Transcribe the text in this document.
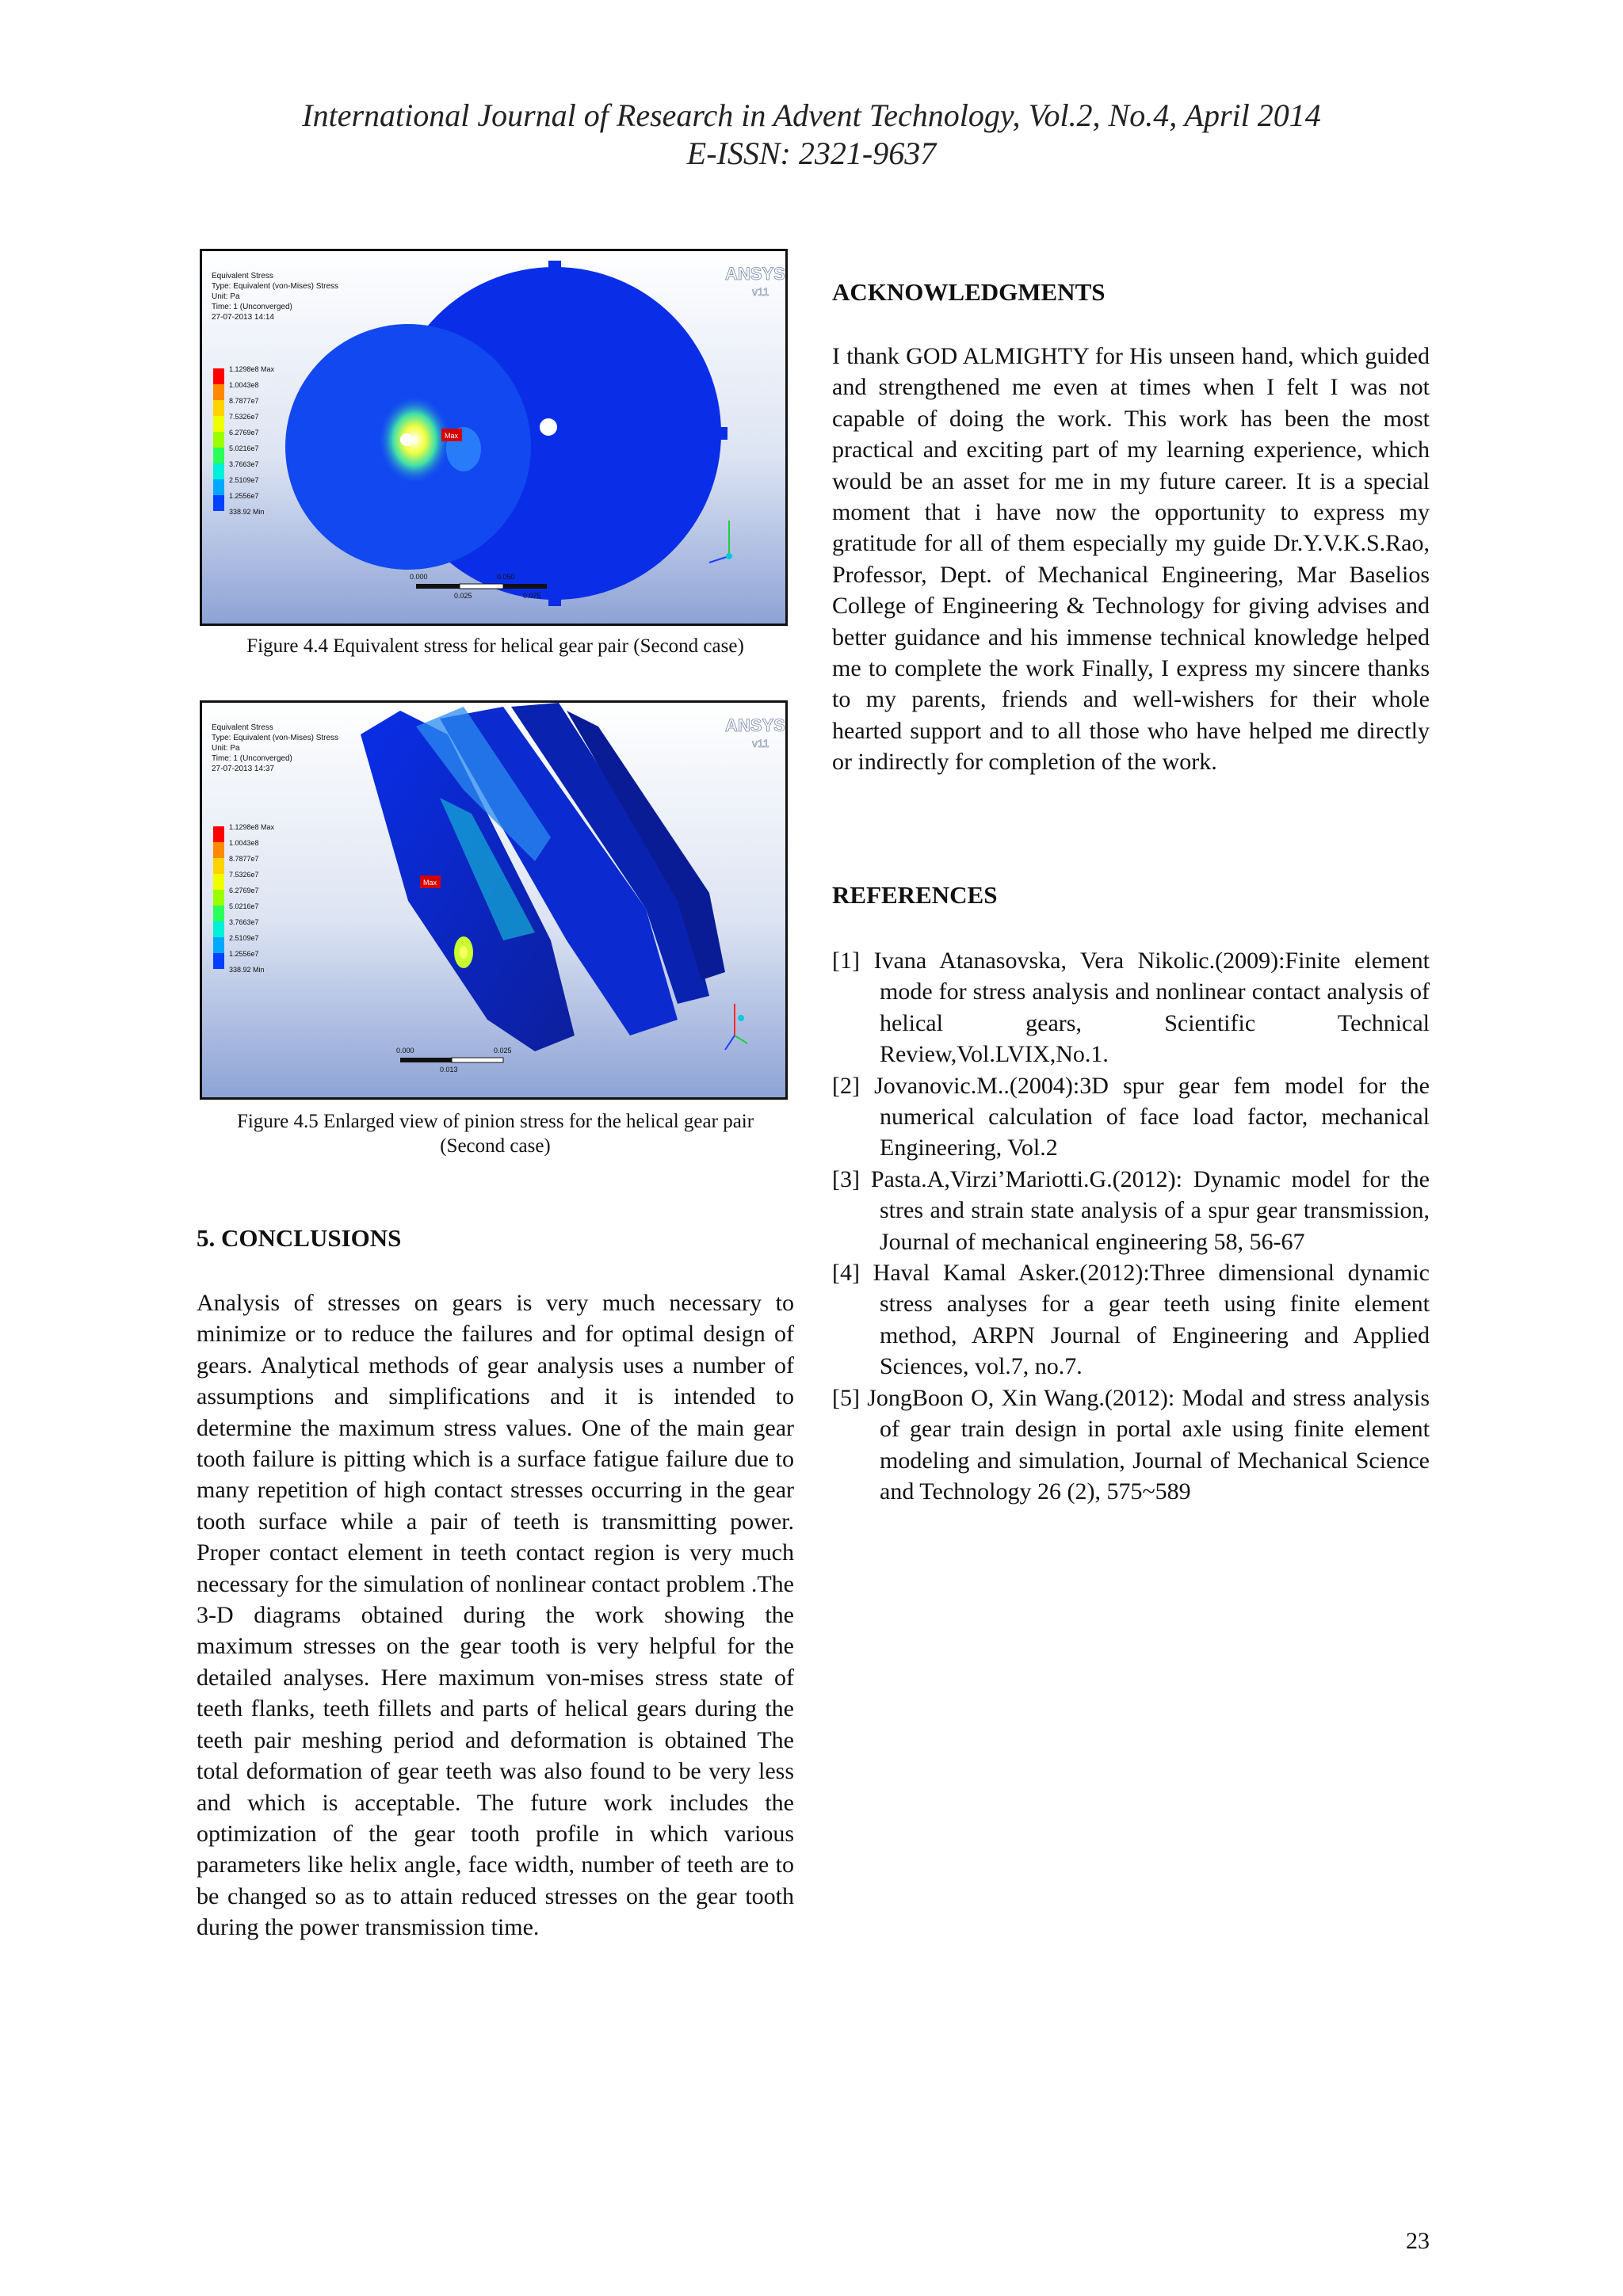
International Journal of Research in Advent Technology, Vol.2, No.4, April 2014
E-ISSN: 2321-9637
Equivalent Stress
Type: Equivalent (von-Mises) Stress
Unit: Pa
Time: 1 (Unconverged)
27-07-2013 14:14
1.1298e8 Max
1.0043e8
8.7877e7
7.5326e7
6.2769e7
5.0216e7
3.7663e7
2.5109e7
1.2556e7
338.92 Min
ANSYS
v11
Max
0.000
0.025
0.050
0.075
Figure 4.4 Equivalent stress for helical gear pair (Second case)
Equivalent Stress
Type: Equivalent (von-Mises) Stress
Unit: Pa
Time: 1 (Unconverged)
27-07-2013 14:37
1.1298e8 Max
1.0043e8
8.7877e7
7.5326e7
6.2769e7
5.0216e7
3.7663e7
2.5109e7
1.2556e7
338.92 Min
ANSYS
v11
Max
0.000
0.013
0.025
Figure 4.5 Enlarged view of pinion stress for the helical gear pair
(Second case)

5. CONCLUSIONS

Analysis of stresses on gears is very much necessary to minimize or to reduce the failures and for optimal design of gears. Analytical methods of gear analysis uses a number of assumptions and simplifications and it is intended to determine the maximum stress values. One of the main gear tooth failure is pitting which is a surface fatigue failure due to many repetition of high contact stresses occurring in the gear tooth surface while a pair of teeth is transmitting power. Proper contact element in teeth contact region is very much necessary for the simulation of nonlinear contact problem .The 3-D diagrams obtained during the work showing the maximum stresses on the gear tooth is very helpful for the detailed analyses. Here maximum von-mises stress state of teeth flanks, teeth fillets and parts of helical gears during the teeth pair meshing period and deformation is obtained The total deformation of gear teeth was also found to be very less and which is acceptable. The future work includes the optimization of the gear tooth profile in which various parameters like helix angle, face width, number of teeth are to be changed so as to attain reduced stresses on the gear tooth during the power transmission time.

ACKNOWLEDGMENTS

I thank GOD ALMIGHTY for His unseen hand, which guided and strengthened me even at times when I felt I was not capable of doing the work. This work has been the most practical and exciting part of my learning experience, which would be an asset for me in my future career. It is a special moment that i have now the opportunity to express my gratitude for all of them especially my guide Dr.Y.V.K.S.Rao, Professor, Dept. of Mechanical Engineering, Mar Baselios College of Engineering & Technology for giving advises and better guidance and his immense technical knowledge helped me to complete the work Finally, I express my sincere thanks to my parents, friends and well-wishers for their whole hearted support and to all those who have helped me directly or indirectly for completion of the work.

REFERENCES

[1] Ivana Atanasovska, Vera Nikolic.(2009):Finite element mode for stress analysis and nonlinear contact analysis of helical gears, Scientific Technical Review,Vol.LVIX,No.1.

[2] Jovanovic.M..(2004):3D spur gear fem model for the numerical calculation of face load factor, mechanical Engineering, Vol.2

[3] Pasta.A,Virzi’Mariotti.G.(2012): Dynamic model for the stres and strain state analysis of a spur gear transmission, Journal of mechanical engineering 58, 56-67

[4] Haval Kamal Asker.(2012):Three dimensional dynamic stress analyses for a gear teeth using finite element method, ARPN Journal of Engineering and Applied Sciences, vol.7, no.7.

[5] JongBoon O, Xin Wang.(2012): Modal and stress analysis of gear train design in portal axle using finite element modeling and simulation, Journal of Mechanical Science and Technology 26 (2), 575~589

23
